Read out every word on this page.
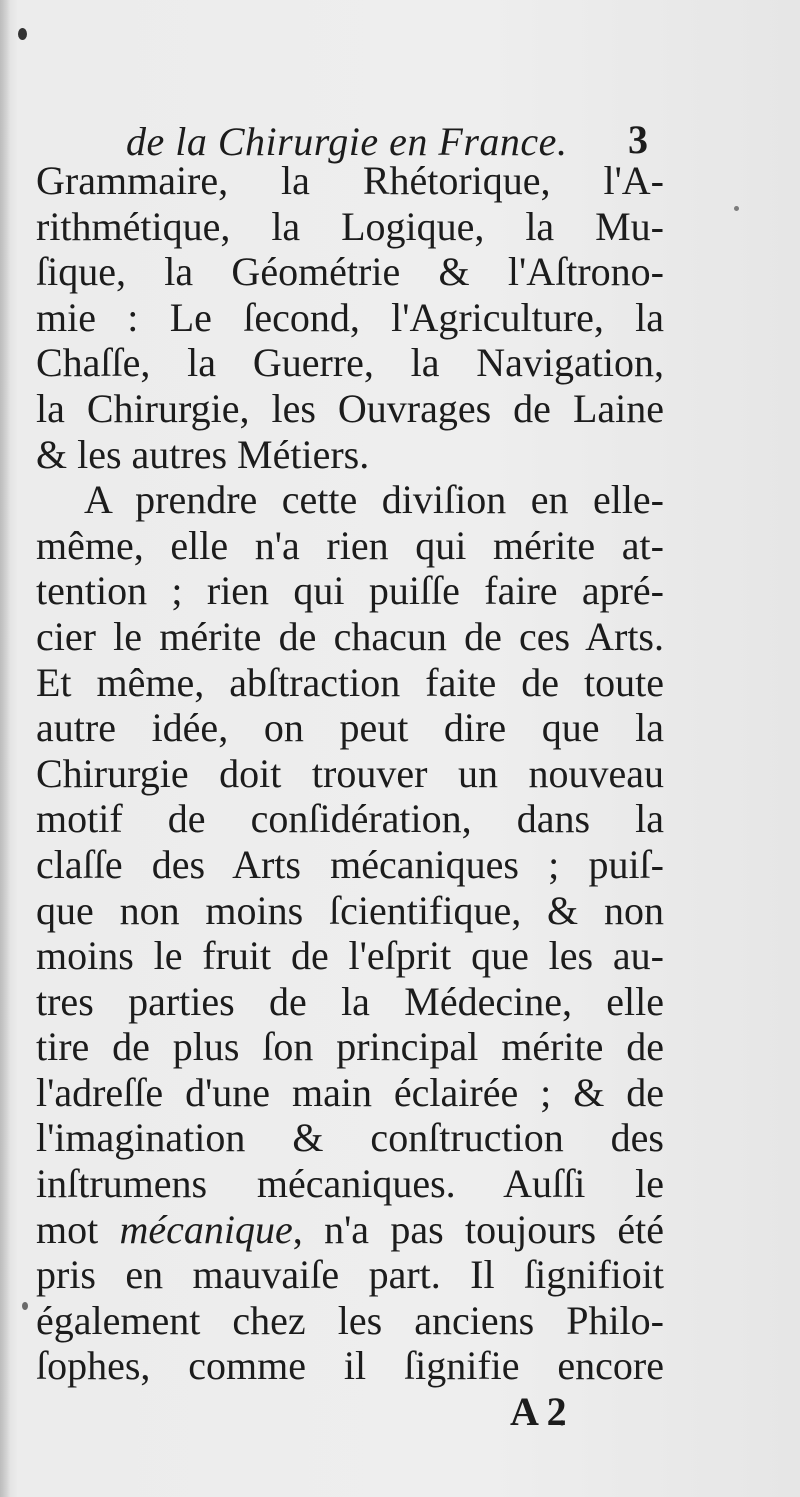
de la Chirurgie en France. 3
Grammaire, la Rhétorique, l'A-
rithmétique, la Logique, la Mu-
ſique, la Géométrie & l'Aſtrono-
mie : Le ſecond, l'Agriculture, la
Chaſſe, la Guerre, la Navigation,
la Chirurgie, les Ouvrages de Laine
& les autres Métiers.
A prendre cette diviſion en elle-
même, elle n'a rien qui mérite at-
tention ; rien qui puiſſe faire apré-
cier le mérite de chacun de ces Arts.
Et même, abſtraction faite de toute
autre idée, on peut dire que la
Chirurgie doit trouver un nouveau
motif de conſidération, dans la
claſſe des Arts mécaniques ; puiſ-
que non moins ſcientifique, & non
moins le fruit de l'eſprit que les au-
tres parties de la Médecine, elle
tire de plus ſon principal mérite de
l'adreſſe d'une main éclairée ; & de
l'imagination & conſtruction des
inſtrumens mécaniques. Auſſi le
mot mécanique, n'a pas toujours été
pris en mauvaiſe part. Il ſignifioit
également chez les anciens Philo-
ſophes, comme il ſignifie encore
A 2
